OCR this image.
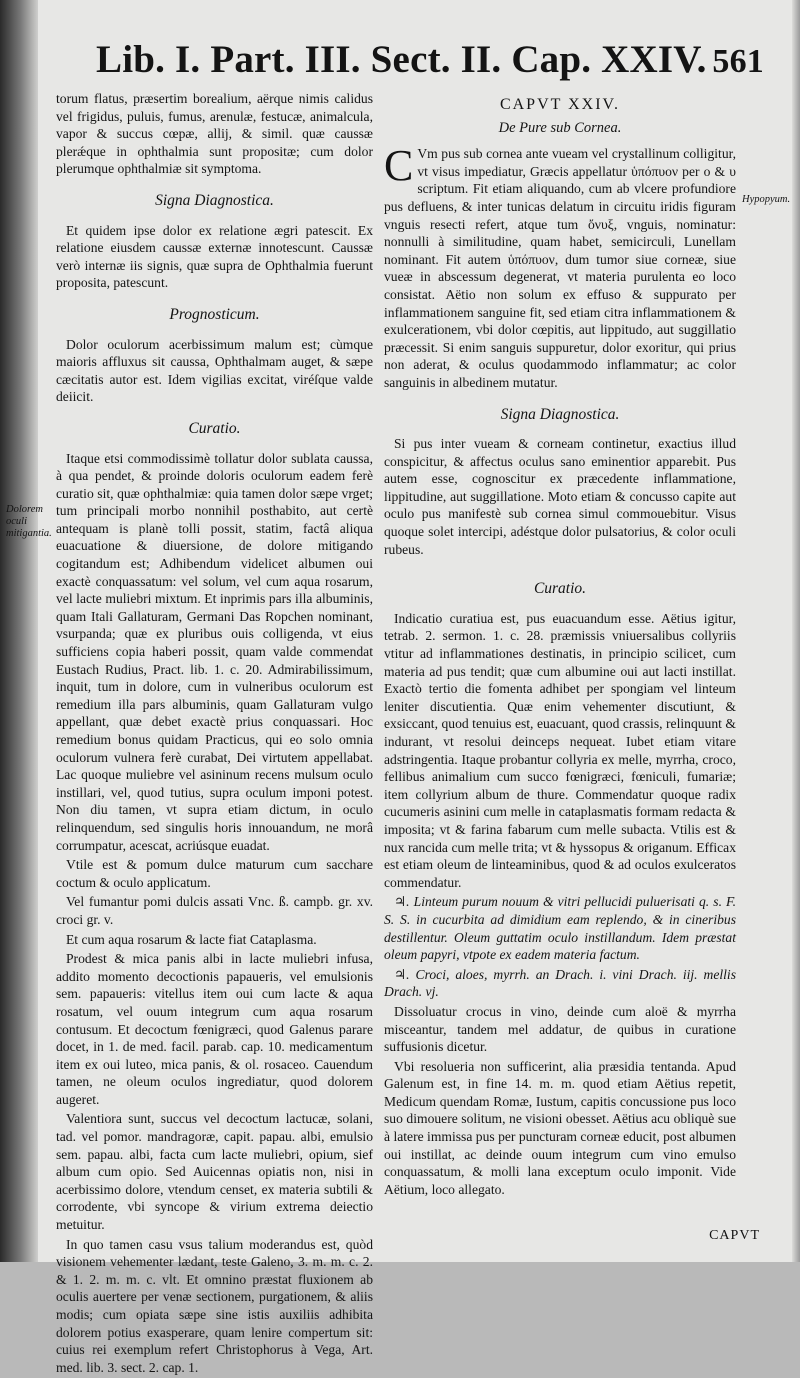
Lib. I. Part. III. Sect. II. Cap. XXIV. 561

torum flatus, præsertim borealium, aërque nimis calidus vel frigidus, puluis, fumus, arenulæ, festucæ, animalcula, vapor & succus cœpæ, allij, & simil. quæ caussæ plerǽque in ophthalmia sunt propositæ; cum dolor plerumque ophthalmiæ sit symptoma.

Signa Diagnostica.

Et quidem ipse dolor ex relatione ægri patescit. Ex relatione eiusdem caussæ externæ innotescunt. Caussæ verò internæ iis signis, quæ supra de Ophthalmia fuerunt proposita, patescunt.

Prognosticum.

Dolor oculorum acerbissimum malum est; cùmque maioris affluxus sit caussa, Ophthalmam auget, & sæpe cæcitatis autor est. Idem vigilias excitat, viréſque valde deiicit.

Curatio.

Itaque etsi commodissimè tollatur dolor sublata caussa, à qua pendet, & proinde doloris oculorum eadem ferè curatio sit, quæ ophthalmiæ: quia tamen dolor sæpe vrget; tum principali morbo nonnihil posthabito, aut certè antequam is planè tolli possit, statim, factâ aliqua euacuatione & diuersione, de dolore mitigando cogitandum est; Adhibendum videlicet albumen oui exactè conquassatum: vel solum, vel cum aqua rosarum, vel lacte muliebri mixtum. Et inprimis pars illa albuminis, quam Itali Gallaturam, Germani Das Ropchen nominant, vsurpanda; quæ ex pluribus ouis colligenda, vt eius sufficiens copia haberi possit, quam valde commendat Eustach Rudius, Pract. lib. 1. c. 20. Admirabilissimum, inquit, tum in dolore, cum in vulneribus oculorum est remedium illa pars albuminis, quam Gallaturam vulgo appellant, quæ debet exactè prius conquassari. Hoc remedium bonus quidam Practicus, qui eo solo omnia oculorum vulnera ferè curabat, Dei virtutem appellabat. Lac quoque muliebre vel asininum recens mulsum oculo instillari, vel, quod tutius, supra oculum imponi potest. Non diu tamen, vt supra etiam dictum, in oculo relinquendum, sed singulis horis innouandum, ne morâ corrumpatur, acescat, acriúsque euadat.

Vtile est & pomum dulce maturum cum sacchare coctum & oculo applicatum.

Vel fumantur pomi dulcis assati Vnc. ß. campb. gr. xv. croci gr. v.

Et cum aqua rosarum & lacte fiat Cataplasma.

Prodest & mica panis albi in lacte muliebri infusa, addito momento decoctionis papaueris, vel emulsionis sem. papaueris: vitellus item oui cum lacte & aqua rosatum, vel ouum integrum cum aqua rosarum contusum. Et decoctum fœnigræci, quod Galenus parare docet, in 1. de med. facil. parab. cap. 10. medicamentum item ex oui luteo, mica panis, & ol. rosaceo. Cauendum tamen, ne oleum oculos ingrediatur, quod dolorem augeret.

Valentiora sunt, succus vel decoctum lactucæ, solani, tad. vel pomor. mandragoræ, capit. papau. albi, emulsio sem. papau. albi, facta cum lacte muliebri, opium, sief album cum opio. Sed Auicennas opiatis non, nisi in acerbissimo dolore, vtendum censet, ex materia subtili & corrodente, vbi syncope & virium extrema deiectio metuitur.

In quo tamen casu vsus talium moderandus est, quòd visionem vehementer lædant, teste Galeno, 3. m. m. c. 2. & 1. 2. m. m. c. vlt. Et omnino præstat fluxionem ab oculis auertere per venæ sectionem, purgationem, & aliis modis; cum opiata sæpe sine istis auxiliis adhibita dolorem potius exasperare, quam lenire compertum sit: cuius rei exemplum refert Christophorus à Vega, Art. med. lib. 3. sect. 2. cap. 1.

Dolorem oculi mitigantia.
CAPVT XXIV.
De Pure sub Cornea.

C Vm pus sub cornea ante vueam vel crystallinum colligitur, vt visus impediatur, Græcis appellatur ὑπόπυον per ο & υ scriptum. Fit etiam aliquando, cum ab vlcere profundiore pus defluens, & inter tunicas delatum in circuitu iridis figuram vnguis resecti refert, atque tum ὄνυξ, vnguis, nominatur: nonnulli à similitudine, quam habet, semicirculi, Lunellam nominant. Fit autem ὑπόπυον, dum tumor siue corneæ, siue vueæ in abscessum degenerat, vt materia purulenta eo loco consistat. Aëtio non solum ex effuso & suppurato per inflammationem sanguine fit, sed etiam citra inflammationem & exulcerationem, vbi dolor cœpitis, aut lippitudo, aut suggillatio præcessit. Si enim sanguis suppuretur, dolor exoritur, qui prius non aderat, & oculus quodammodo inflammatur; ac color sanguinis in albedinem mutatur.

Signa Diagnostica.

Si pus inter vueam & corneam continetur, exactius illud conspicitur, & affectus oculus sano eminentior apparebit. Pus autem esse, cognoscitur ex præcedente inflammatione, lippitudine, aut suggillatione. Moto etiam & concusso capite aut oculo pus manifestè sub cornea simul commouebitur. Visus quoque solet intercipi, adéstque dolor pulsatorius, & color oculi rubeus.

Curatio.

Indicatio curatiua est, pus euacuandum esse. Aëtius igitur, tetrab. 2. sermon. 1. c. 28. præmissis vniuersalibus collyriis vtitur ad inflammationes destinatis, in principio scilicet, cum materia ad pus tendit; quæ cum albumine oui aut lacti instillat. Exactò tertio die fomenta adhibet per spongiam vel linteum leniter discutientia. Quæ enim vehementer discutiunt, & exsiccant, quod tenuius est, euacuant, quod crassis, relinquunt & indurant, vt resolui deinceps nequeat. Iubet etiam vitare adstringentia. Itaque probantur collyria ex melle, myrrha, croco, fellibus animalium cum succo fœnigræci, fœniculi, fumariæ; item collyrium album de thure. Commendatur quoque radix cucumeris asinini cum melle in cataplasmatis formam redacta & imposita; vt & farina fabarum cum melle subacta. Vtilis est & nux rancida cum melle trita; vt & hyssopus & origanum. Efficax est etiam oleum de linteaminibus, quod & ad oculos exulceratos commendatur.

♃. Linteum purum nouum & vitri pellucidi puluerisati q. s. F. S. S. in cucurbita ad dimidium eam replendo, & in cineribus destillentur. Oleum guttatim oculo instillandum. Idem præstat oleum papyri, vtpote ex eadem materia factum.

♃. Croci, aloes, myrrh. an Drach. i. vini Drach. iij. mellis Drach. vj.

Dissoluatur crocus in vino, deinde cum aloë & myrrha misceantur, tandem mel addatur, de quibus in curatione suffusionis dicetur.

Vbi resolueria non sufficerint, alia præsidia tentanda. Apud Galenum est, in fine 14. m. m. quod etiam Aëtius repetit, Medicum quendam Romæ, Iustum, capitis concussione pus loco suo dimouere solitum, ne visioni obesset. Aëtius acu obliquè sue à latere immissa pus per puncturam corneæ educit, post albumen oui instillat, ac deinde ouum integrum cum vino emulso conquassatum, & molli lana exceptum oculo imponit. Vide Aëtium, loco allegato.

Hypopyum.
CAPVT
